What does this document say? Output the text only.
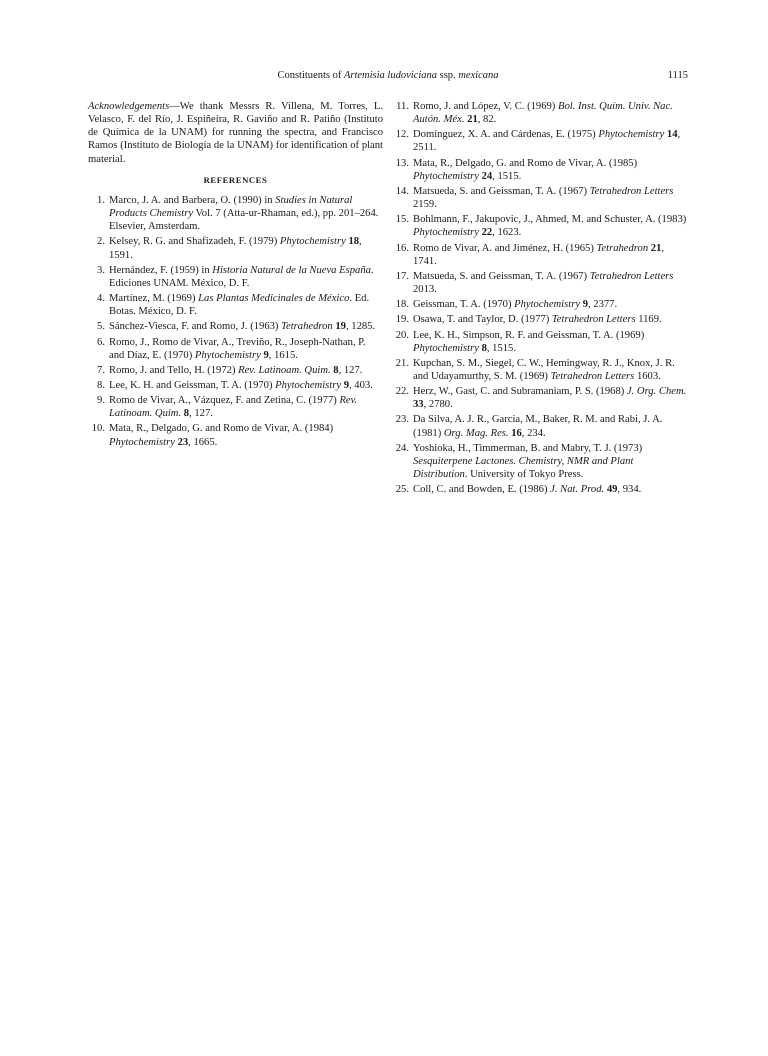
Constituents of Artemisia ludoviciana ssp. mexicana	1115

Acknowledgements—We thank Messrs R. Villena, M. Torres, L. Velasco, F. del Río, J. Espiñeira, R. Gaviño and R. Patiño (Instituto de Química de la UNAM) for running the spectra, and Francisco Ramos (Instituto de Biología de la UNAM) for identification of plant material.

REFERENCES
1. Marco, J. A. and Barbera, O. (1990) in Studies in Natural Products Chemistry Vol. 7 (Atta-ur-Rhaman, ed.), pp. 201–264. Elsevier, Amsterdam.
2. Kelsey, R. G. and Shafizadeh, F. (1979) Phytochemistry 18, 1591.
3. Hernández, F. (1959) in Historia Natural de la Nueva España. Ediciones UNAM. México, D. F.
4. Martínez, M. (1969) Las Plantas Medicinales de México. Ed. Botas. México, D. F.
5. Sánchez-Viesca, F. and Romo, J. (1963) Tetrahedron 19, 1285.
6. Romo, J., Romo de Vivar, A., Treviño, R., Joseph-Nathan, P. and Díaz, E. (1970) Phytochemistry 9, 1615.
7. Romo, J. and Tello, H. (1972) Rev. Latinoam. Quim. 8, 127.
8. Lee, K. H. and Geissman, T. A. (1970) Phytochemistry 9, 403.
9. Romo de Vivar, A., Vázquez, F. and Zetina, C. (1977) Rev. Latinoam. Quim. 8, 127.
10. Mata, R., Delgado, G. and Romo de Vivar, A. (1984) Phytochemistry 23, 1665.
11. Romo, J. and López, V. C. (1969) Bol. Inst. Quím. Univ. Nac. Autón. Méx. 21, 82.
12. Domínguez, X. A. and Cárdenas, E. (1975) Phytochemistry 14, 2511.
13. Mata, R., Delgado, G. and Romo de Vivar, A. (1985) Phytochemistry 24, 1515.
14. Matsueda, S. and Geissman, T. A. (1967) Tetrahedron Letters 2159.
15. Bohlmann, F., Jakupovic, J., Ahmed, M. and Schuster, A. (1983) Phytochemistry 22, 1623.
16. Romo de Vivar, A. and Jiménez, H. (1965) Tetrahedron 21, 1741.
17. Matsueda, S. and Geissman, T. A. (1967) Tetrahedron Letters 2013.
18. Geissman, T. A. (1970) Phytochemistry 9, 2377.
19. Osawa, T. and Taylor, D. (1977) Tetrahedron Letters 1169.
20. Lee, K. H., Simpson, R. F. and Geissman, T. A. (1969) Phytochemistry 8, 1515.
21. Kupchan, S. M., Siegel, C. W., Hemingway, R. J., Knox, J. R. and Udayamurthy, S. M. (1969) Tetrahedron Letters 1603.
22. Herz, W., Gast, C. and Subramaniam, P. S. (1968) J. Org. Chem. 33, 2780.
23. Da Silva, A. J. R., Garcia, M., Baker, R. M. and Rabi, J. A. (1981) Org. Mag. Res. 16, 234.
24. Yoshioka, H., Timmerman, B. and Mabry, T. J. (1973) Sesquiterpene Lactones. Chemistry, NMR and Plant Distribution. University of Tokyo Press.
25. Coll, C. and Bowden, E. (1986) J. Nat. Prod. 49, 934.
